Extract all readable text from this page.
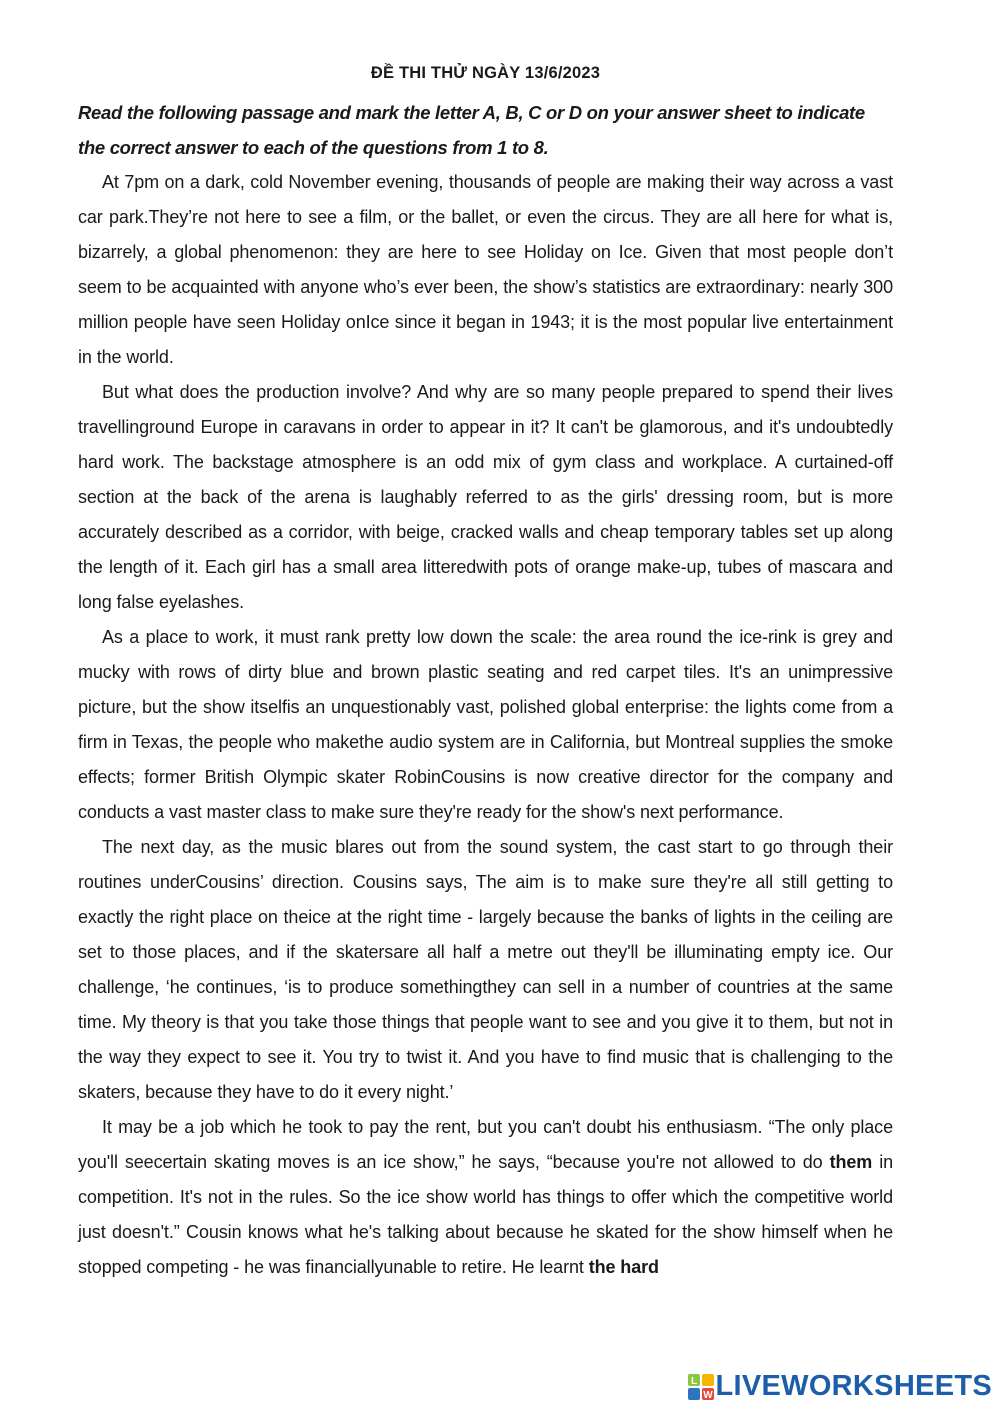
ĐỀ THI THỬ NGÀY 13/6/2023

Read the following passage and mark the letter A, B, C or D on your answer sheet to indicate the correct answer to each of the questions from 1 to 8.

At 7pm on a dark, cold November evening, thousands of people are making their way across a vast car park.They’re not here to see a film, or the ballet, or even the circus. They are all here for what is, bizarrely, a global phenomenon: they are here to see Holiday on Ice. Given that most people don’t seem to be acquainted with anyone who’s ever been, the show’s statistics are extraordinary: nearly 300 million people have seen Holiday onIce since it began in 1943; it is the most popular live entertainment in the world.

But what does the production involve? And why are so many people prepared to spend their lives travellinground Europe in caravans in order to appear in it? It can't be glamorous, and it's undoubtedly hard work. The backstage atmosphere is an odd mix of gym class and workplace. A curtained-off section at the back of the arena is laughably referred to as the girls' dressing room, but is more accurately described as a corridor, with beige, cracked walls and cheap temporary tables set up along the length of it. Each girl has a small area litteredwith pots of orange make-up, tubes of mascara and long false eyelashes.

As a place to work, it must rank pretty low down the scale: the area round the ice-rink is grey and mucky with rows of dirty blue and brown plastic seating and red carpet tiles. It's an unimpressive picture, but the show itselfis an unquestionably vast, polished global enterprise: the lights come from a firm in Texas, the people who makethe audio system are in California, but Montreal supplies the smoke effects; former British Olympic skater RobinCousins is now creative director for the company and conducts a vast master class to make sure they're ready for the show's next performance.

The next day, as the music blares out from the sound system, the cast start to go through their routines underCousins’ direction. Cousins says, The aim is to make sure they're all still getting to exactly the right place on theice at the right time - largely because the banks of lights in the ceiling are set to those places, and if the skatersare all half a metre out they'll be illuminating empty ice. Our challenge, ‘he continues, ‘is to produce somethingthey can sell in a number of countries at the same time. My theory is that you take those things that people want to see and you give it to them, but not in the way they expect to see it. You try to twist it. And you have to find music that is challenging to the skaters, because they have to do it every night.’

It may be a job which he took to pay the rent, but you can't doubt his enthusiasm. “The only place you'll seecertain skating moves is an ice show,” he says, “because you're not allowed to do them in competition. It's not in the rules. So the ice show world has things to offer which the competitive world just doesn't.” Cousin knows what he's talking about because he skated for the show himself when he stopped competing - he was financiallyunable to retire. He learnt the hard

L
W LIVEWORKSHEETS
